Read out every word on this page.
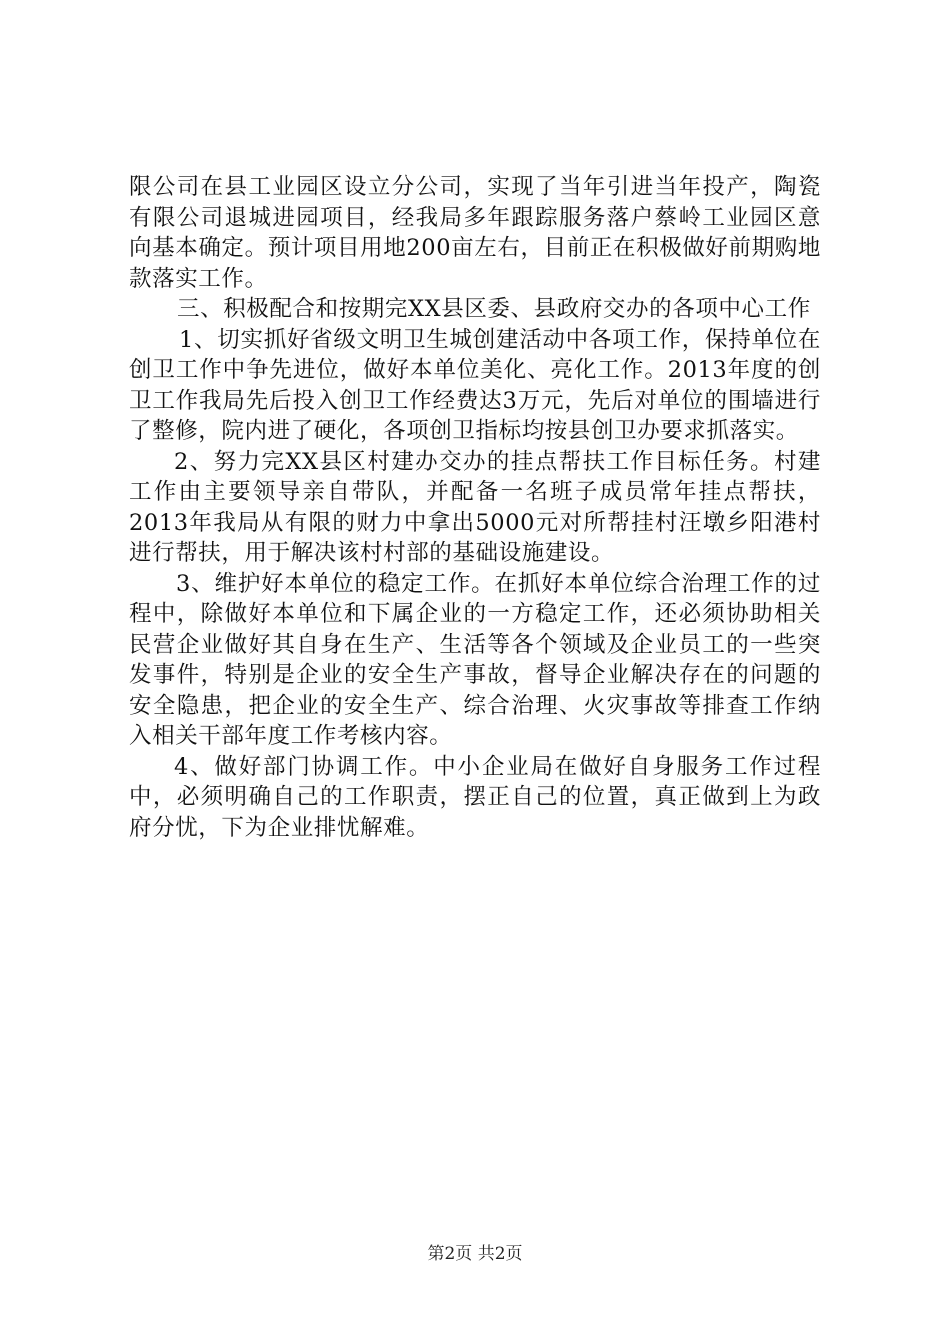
限公司在县工业园区设立分公司，实现了当年引进当年投产，陶瓷有限公司退城进园项目，经我局多年跟踪服务落户蔡岭工业园区意向基本确定。预计项目用地200亩左右，目前正在积极做好前期购地款落实工作。

三、积极配合和按期完XX县区委、县政府交办的各项中心工作

1、切实抓好省级文明卫生城创建活动中各项工作，保持单位在创卫工作中争先进位，做好本单位美化、亮化工作。2013年度的创卫工作我局先后投入创卫工作经费达3万元，先后对单位的围墙进行了整修，院内进了硬化，各项创卫指标均按县创卫办要求抓落实。

2、努力完XX县区村建办交办的挂点帮扶工作目标任务。村建工作由主要领导亲自带队，并配备一名班子成员常年挂点帮扶，2013年我局从有限的财力中拿出5000元对所帮挂村汪墩乡阳港村进行帮扶，用于解决该村村部的基础设施建设。

3、维护好本单位的稳定工作。在抓好本单位综合治理工作的过程中，除做好本单位和下属企业的一方稳定工作，还必须协助相关民营企业做好其自身在生产、生活等各个领域及企业员工的一些突发事件，特别是企业的安全生产事故，督导企业解决存在的问题的安全隐患，把企业的安全生产、综合治理、火灾事故等排查工作纳入相关干部年度工作考核内容。

4、做好部门协调工作。中小企业局在做好自身服务工作过程中，必须明确自己的工作职责，摆正自己的位置，真正做到上为政府分忧，下为企业排忧解难。

第2页 共2页
